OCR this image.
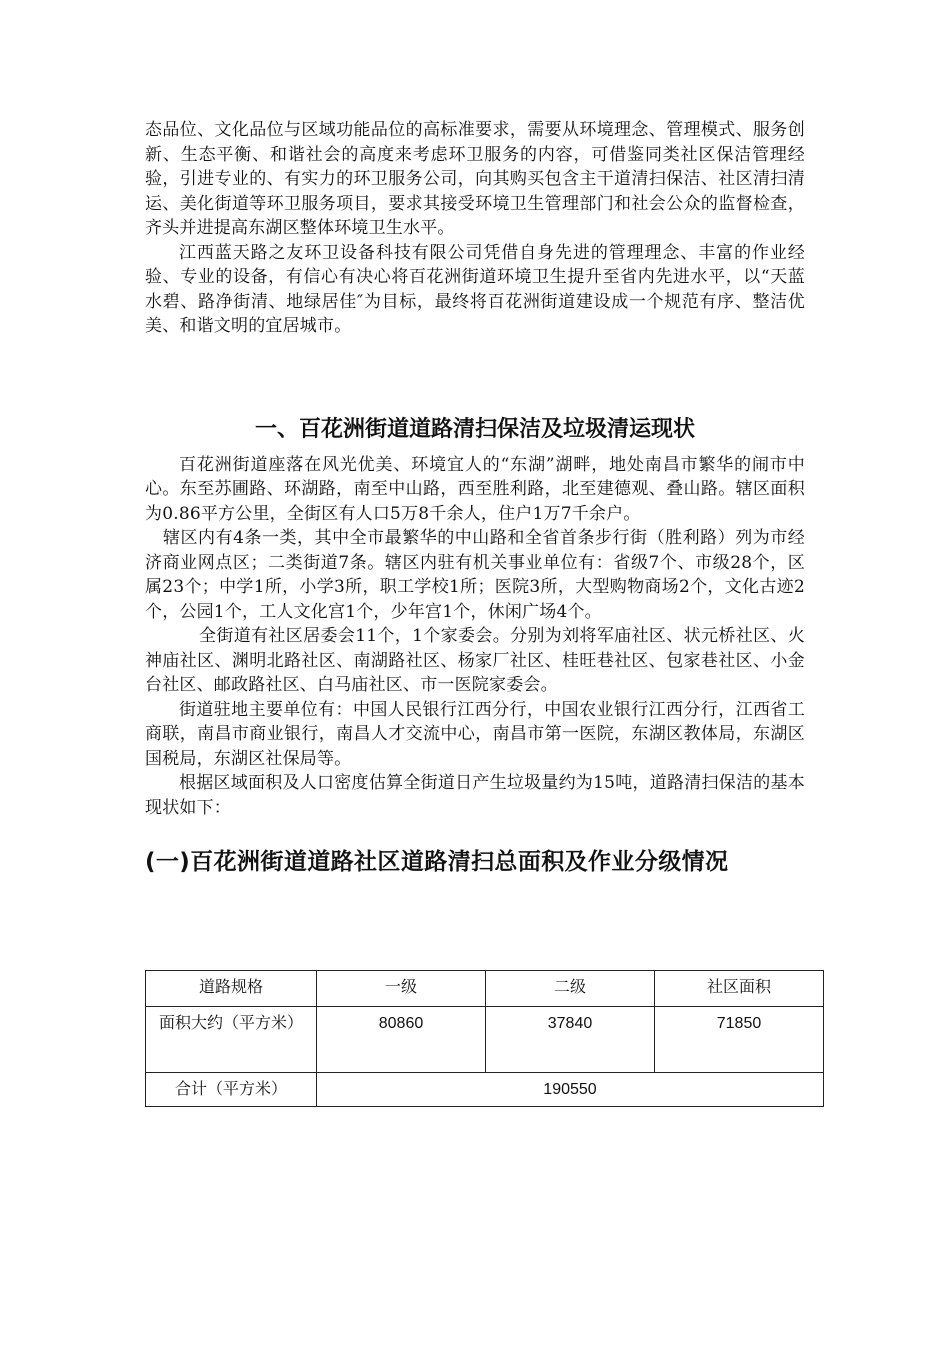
态品位、文化品位与区域功能品位的高标准要求，需要从环境理念、管理模式、服务创新、生态平衡、和谐社会的高度来考虑环卫服务的内容，可借鉴同类社区保洁管理经验，引进专业的、有实力的环卫服务公司，向其购买包含主干道清扫保洁、社区清扫清运、美化街道等环卫服务项目，要求其接受环境卫生管理部门和社会公众的监督检查，齐头并进提高东湖区整体环境卫生水平。

江西蓝天路之友环卫设备科技有限公司凭借自身先进的管理理念、丰富的作业经验、专业的设备，有信心有决心将百花洲街道环境卫生提升至省内先进水平，以“天蓝水碧、路净街清、地绿居佳″为目标，最终将百花洲街道建设成一个规范有序、整洁优美、和谐文明的宜居城市。

一、百花洲街道道路清扫保洁及垃圾清运现状

百花洲街道座落在风光优美、环境宜人的“东湖”湖畔，地处南昌市繁华的闹市中心。东至苏圃路、环湖路，南至中山路，西至胜利路，北至建德观、叠山路。辖区面积为0.86平方公里，全街区有人口5万8千余人，住户1万7千余户。

辖区内有4条一类，其中全市最繁华的中山路和全省首条步行街（胜利路）列为市经济商业网点区；二类街道7条。辖区内驻有机关事业单位有：省级7个、市级28个，区属23个；中学1所，小学3所，职工学校1所；医院3所，大型购物商场2个，文化古迹2个，公园1个，工人文化宫1个，少年宫1个，休闲广场4个。

全街道有社区居委会11个，1个家委会。分别为刘将军庙社区、状元桥社区、火神庙社区、渊明北路社区、南湖路社区、杨家厂社区、桂旺巷社区、包家巷社区、小金台社区、邮政路社区、白马庙社区、市一医院家委会。

街道驻地主要单位有：中国人民银行江西分行，中国农业银行江西分行，江西省工商联，南昌市商业银行，南昌人才交流中心，南昌市第一医院，东湖区教体局，东湖区国税局，东湖区社保局等。

根据区域面积及人口密度估算全街道日产生垃圾量约为15吨，道路清扫保洁的基本现状如下：

(一)百花洲街道道路社区道路清扫总面积及作业分级情况
道路规格	一级	二级	社区面积
面积大约（平方米）	80860	37840	71850
合计（平方米）	190550		
